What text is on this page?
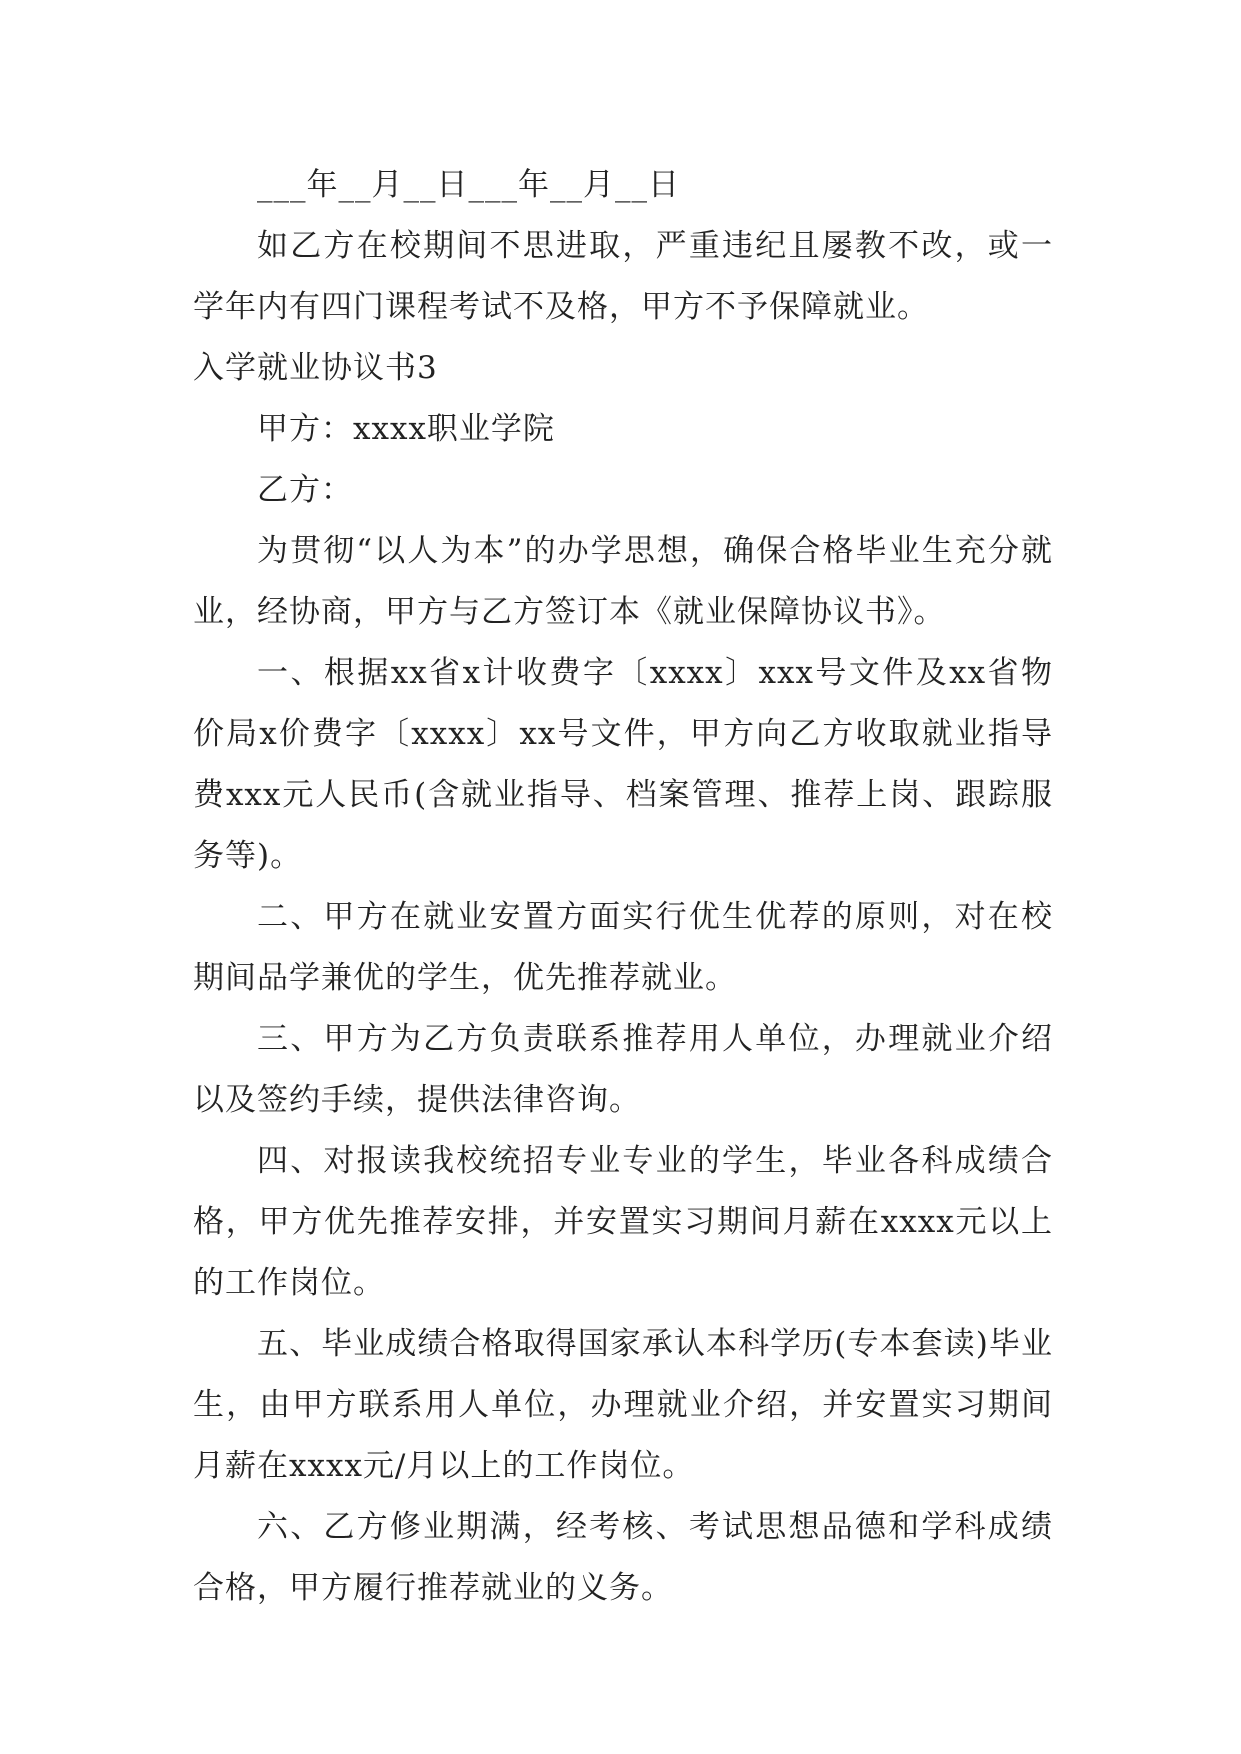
___年__月__日___年__月__日

如乙方在校期间不思进取，严重违纪且屡教不改，或一学年内有四门课程考试不及格，甲方不予保障就业。

入学就业协议书3

甲方：xxxx职业学院

乙方：

为贯彻“以人为本”的办学思想，确保合格毕业生充分就业，经协商，甲方与乙方签订本《就业保障协议书》。

一、根据xx省x计收费字〔xxxx〕xxx号文件及xx省物价局x价费字〔xxxx〕xx号文件，甲方向乙方收取就业指导费xxx元人民币(含就业指导、档案管理、推荐上岗、跟踪服务等)。

二、甲方在就业安置方面实行优生优荐的原则，对在校期间品学兼优的学生，优先推荐就业。

三、甲方为乙方负责联系推荐用人单位，办理就业介绍以及签约手续，提供法律咨询。

四、对报读我校统招专业专业的学生，毕业各科成绩合格，甲方优先推荐安排，并安置实习期间月薪在xxxx元以上的工作岗位。

五、毕业成绩合格取得国家承认本科学历(专本套读)毕业生，由甲方联系用人单位，办理就业介绍，并安置实习期间月薪在xxxx元/月以上的工作岗位。

六、乙方修业期满，经考核、考试思想品德和学科成绩合格，甲方履行推荐就业的义务。
